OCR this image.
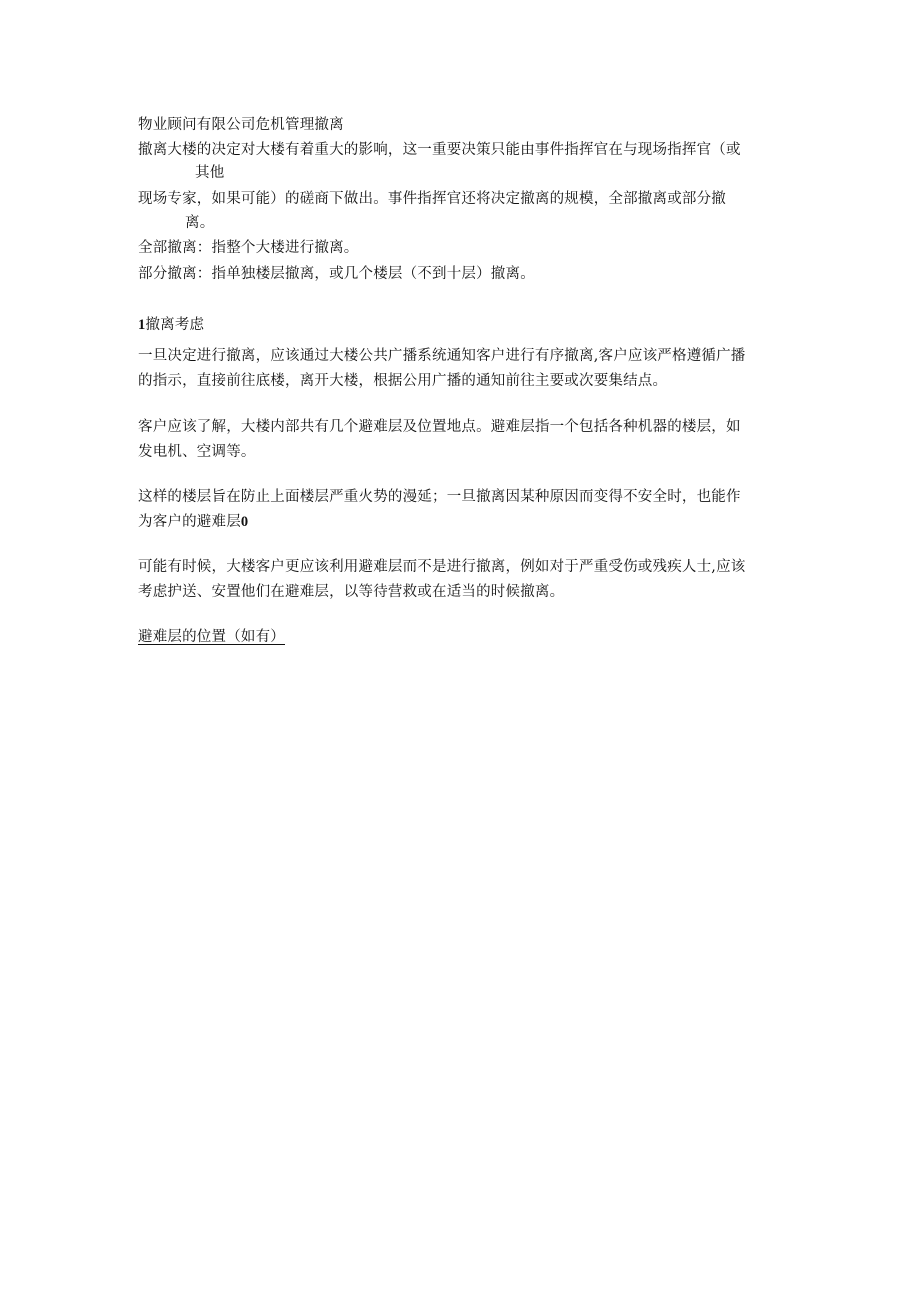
物业顾问有限公司危机管理撤离
撤离大楼的决定对大楼有着重大的影响，这一重要决策只能由事件指挥官在与现场指挥官（或
其他
现场专家，如果可能）的磋商下做出。事件指挥官还将决定撤离的规模，全部撤离或部分撤
离。
全部撤离：指整个大楼进行撤离。
部分撤离：指单独楼层撤离，或几个楼层（不到十层）撤离。
1撤离考虑
一旦决定进行撤离，应该通过大楼公共广播系统通知客户进行有序撤离,客户应该严格遵循广播
的指示，直接前往底楼，离开大楼，根据公用广播的通知前往主要或次要集结点。
客户应该了解，大楼内部共有几个避难层及位置地点。避难层指一个包括各种机器的楼层，如
发电机、空调等。
这样的楼层旨在防止上面楼层严重火势的漫延；一旦撤离因某种原因而变得不安全时，也能作
为客户的避难层0
可能有时候，大楼客户更应该利用避难层而不是进行撤离，例如对于严重受伤或残疾人士,应该
考虑护送、安置他们在避难层，以等待营救或在适当的时候撤离。
避难层的位置（如有）
